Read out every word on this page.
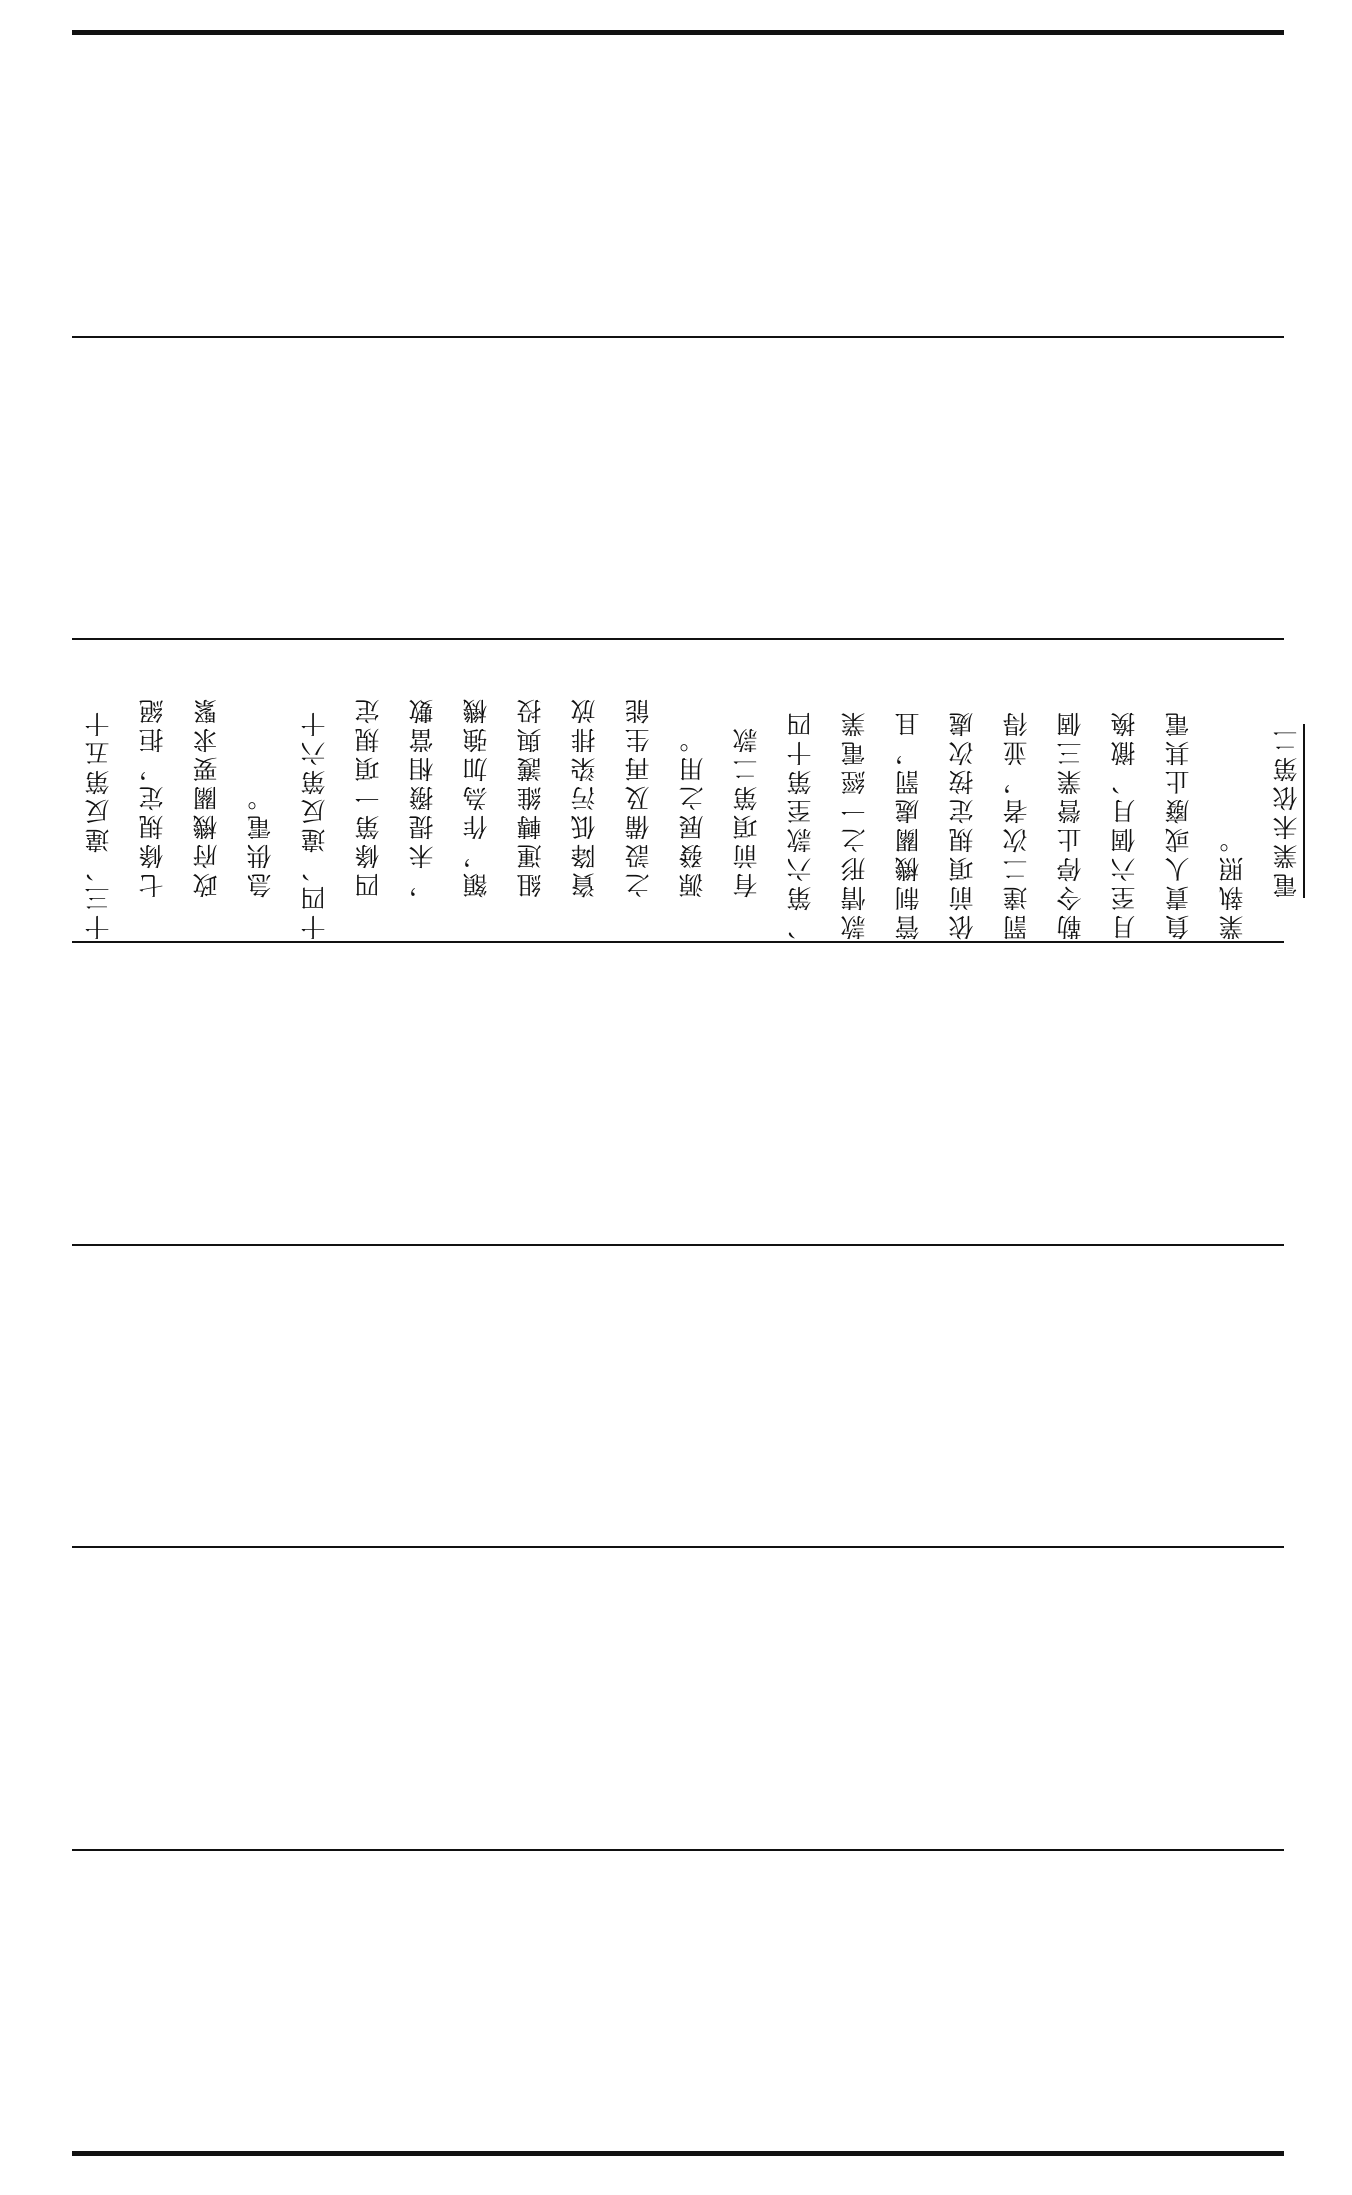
十三、違反第五十	七條規定，拒絕	政府機關要求緊	急供電。	十四、違反第六十	四條第一項規定	，未提撥相當數	額，作為加強機	組運轉維護與投	資降低污染排放	之設備及再生能	源發展之用。	有前項第二款	、第六款至第十四	款情形之一經電業	管制機關處罰，且	依前項規定按次處	罰達二次者，並得	勒令停止營業三個	月至六個月、撤換	負責人或廢止其電	業執照。	電業未依第二
